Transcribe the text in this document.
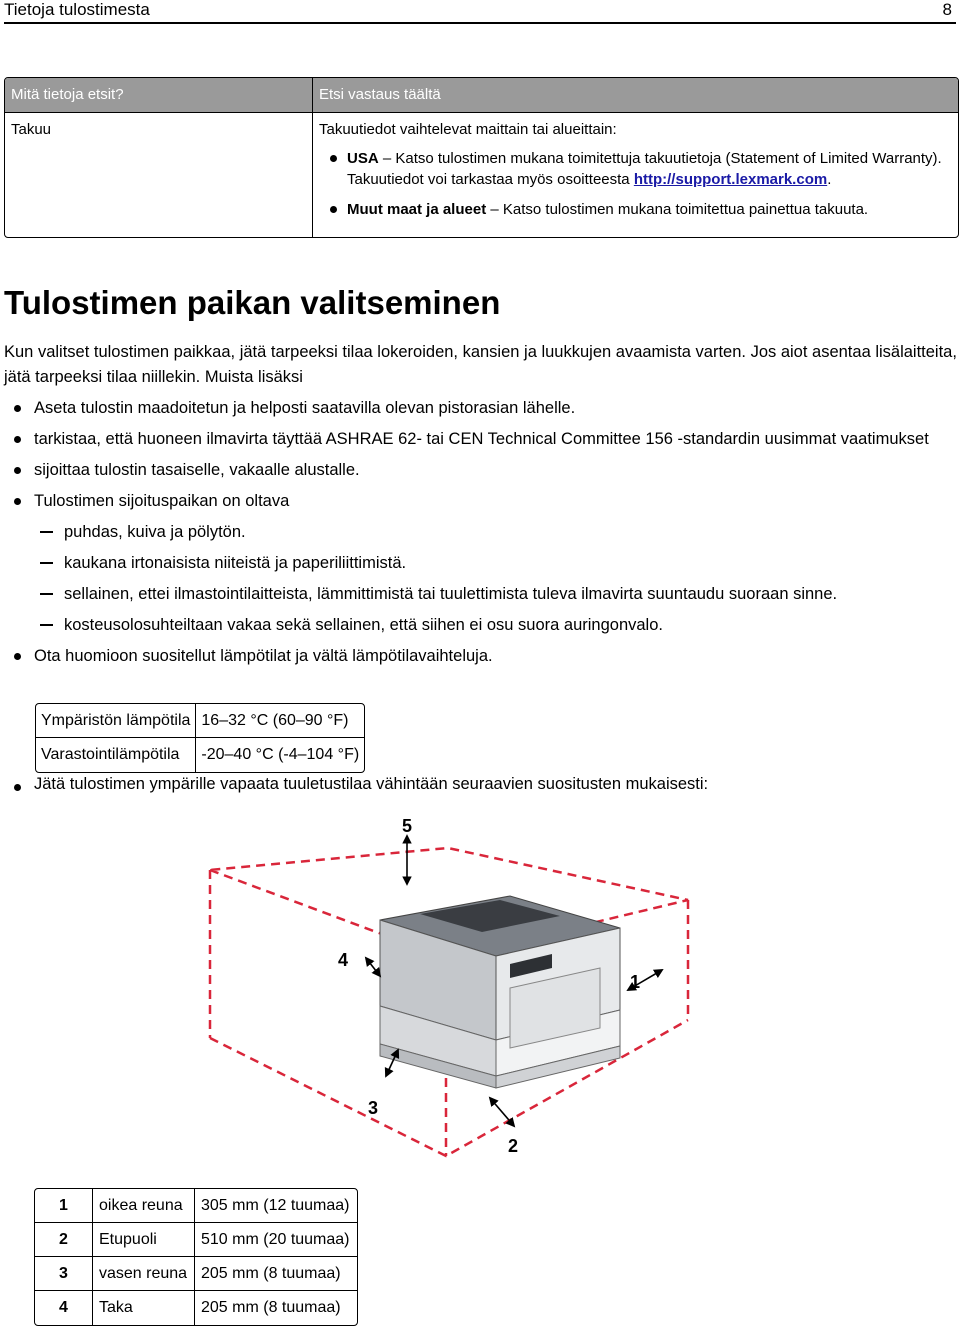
Tietoja tulostimesta	8
Mitä tietoja etsit?	Etsi vastaus täältä
Takuu	Takuutiedot vaihtelevat maittain tai alueittain:
USA – Katso tulostimen mukana toimitettuja takuutietoja (Statement of Limited Warranty). Takuutiedot voi tarkastaa myös osoitteesta http://support.lexmark.com.
Muut maat ja alueet – Katso tulostimen mukana toimitettua painettua takuuta.
Tulostimen paikan valitseminen

Kun valitset tulostimen paikkaa, jätä tarpeeksi tilaa lokeroiden, kansien ja luukkujen avaamista varten. Jos aiot asentaa lisälaitteita, jätä tarpeeksi tilaa niillekin. Muista lisäksi

Aseta tulostin maadoitetun ja helposti saatavilla olevan pistorasian lähelle.
tarkistaa, että huoneen ilmavirta täyttää ASHRAE 62- tai CEN Technical Committee 156 -standardin uusimmat vaatimukset
sijoittaa tulostin tasaiselle, vakaalle alustalle.
Tulostimen sijoituspaikan on oltava
puhdas, kuiva ja pölytön.
kaukana irtonaisista niiteistä ja paperiliittimistä.
sellainen, ettei ilmastointilaitteista, lämmittimistä tai tuulettimista tuleva ilmavirta suuntaudu suoraan sinne.
kosteusolosuhteiltaan vakaa sekä sellainen, että siihen ei osu suora auringonvalo.
Ota huomioon suositellut lämpötilat ja vältä lämpötilavaihteluja.
Ympäristön lämpötila	16–32 °C (60–90 °F)
Varastointilämpötila	-20–40 °C (-4–104 °F)
Jätä tulostimen ympärille vapaata tuuletustilaa vähintään seuraavien suositusten mukaisesti:
5
1
4
3
2
1	oikea reuna	305 mm (12 tuumaa)
2	Etupuoli	510 mm (20 tuumaa)
3	vasen reuna	205 mm (8 tuumaa)
4	Taka	205 mm (8 tuumaa)
